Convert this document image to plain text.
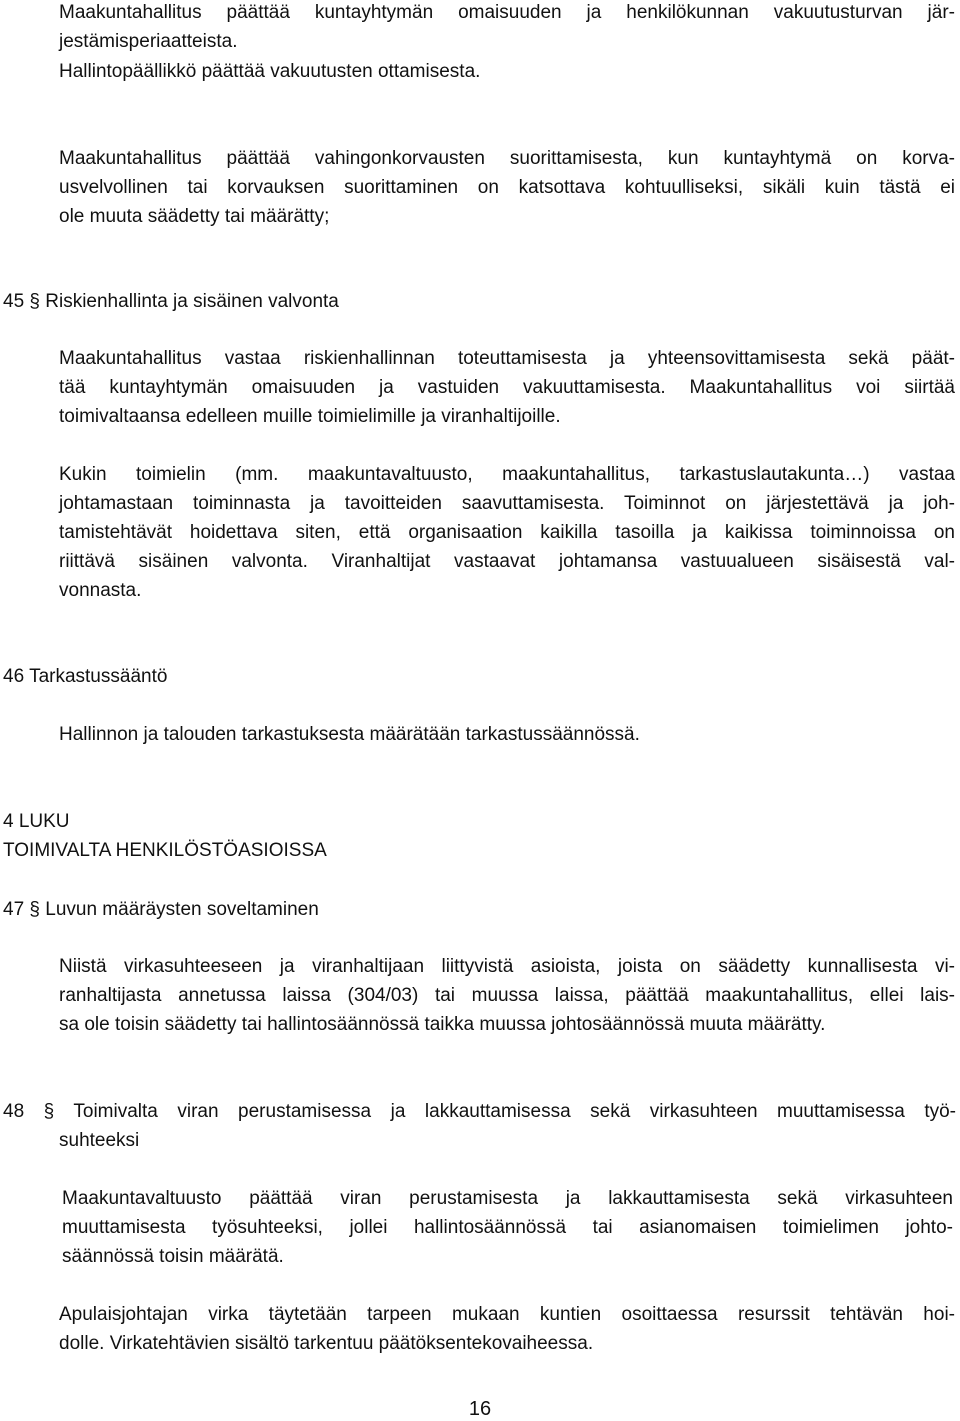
Maakuntahallitus päättää kuntayhtymän omaisuuden ja henkilökunnan vakuutusturvan jär-
jestämisperiaatteista.
Hallintopäällikkö päättää vakuutusten ottamisesta.
Maakuntahallitus päättää vahingonkorvausten suorittamisesta, kun kuntayhtymä on korva-
usvelvollinen tai korvauksen suorittaminen on katsottava kohtuulliseksi, sikäli kuin tästä ei
ole muuta säädetty tai määrätty;
45 § Riskienhallinta ja sisäinen valvonta
Maakuntahallitus vastaa riskienhallinnan toteuttamisesta ja yhteensovittamisesta sekä päät-
tää kuntayhtymän omaisuuden ja vastuiden vakuuttamisesta. Maakuntahallitus voi siirtää
toimivaltaansa edelleen muille toimielimille ja viranhaltijoille.
Kukin toimielin (mm. maakuntavaltuusto, maakuntahallitus, tarkastuslautakunta…) vastaa
johtamastaan toiminnasta ja tavoitteiden saavuttamisesta. Toiminnot on järjestettävä ja joh-
tamistehtävät hoidettava siten, että organisaation kaikilla tasoilla ja kaikissa toiminnoissa on
riittävä sisäinen valvonta. Viranhaltijat vastaavat johtamansa vastuualueen sisäisestä val-
vonnasta.
46 Tarkastussääntö
Hallinnon ja talouden tarkastuksesta määrätään tarkastussäännössä.
4 LUKU
TOIMIVALTA HENKILÖSTÖASIOISSA
47 § Luvun määräysten soveltaminen
Niistä virkasuhteeseen ja viranhaltijaan liittyvistä asioista, joista on säädetty kunnallisesta vi-
ranhaltijasta annetussa laissa (304/03) tai muussa laissa, päättää maakuntahallitus, ellei lais-
sa ole toisin säädetty tai hallintosäännössä taikka muussa johtosäännössä muuta määrätty.
48 § Toimivalta viran perustamisessa ja lakkauttamisessa sekä virkasuhteen muuttamisessa työ-
suhteeksi
Maakuntavaltuusto päättää viran perustamisesta ja lakkauttamisesta sekä virkasuhteen
muuttamisesta työsuhteeksi, jollei hallintosäännössä tai asianomaisen toimielimen johto-
säännössä toisin määrätä.
Apulaisjohtajan virka täytetään tarpeen mukaan kuntien osoittaessa resurssit tehtävän hoi-
dolle. Virkatehtävien sisältö tarkentuu päätöksentekovaiheessa.
16
